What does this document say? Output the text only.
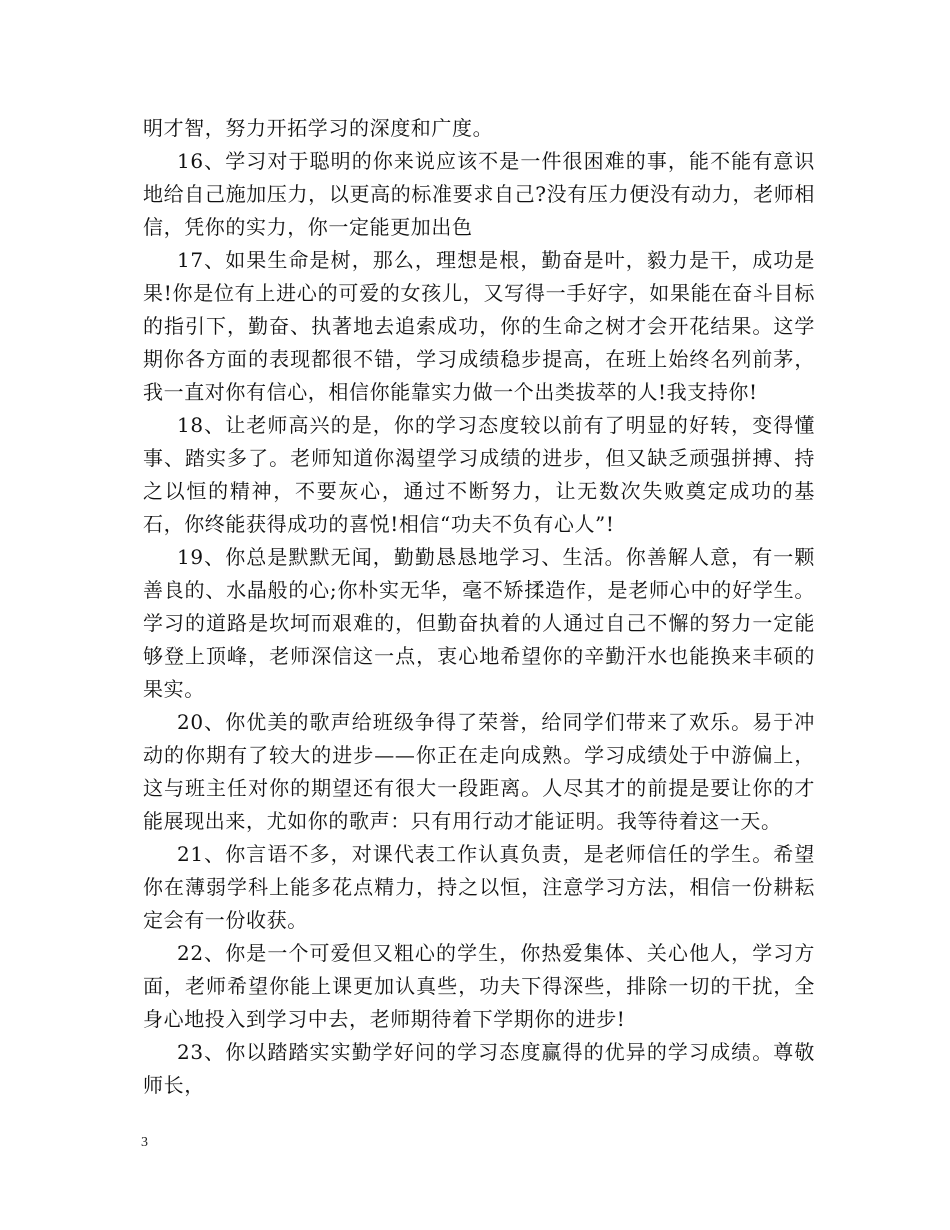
明才智，努力开拓学习的深度和广度。

16、学习对于聪明的你来说应该不是一件很困难的事，能不能有意识地给自己施加压力，以更高的标准要求自己?没有压力便没有动力，老师相信，凭你的实力，你一定能更加出色

17、如果生命是树，那么，理想是根，勤奋是叶，毅力是干，成功是果!你是位有上进心的可爱的女孩儿，又写得一手好字，如果能在奋斗目标的指引下，勤奋、执著地去追索成功，你的生命之树才会开花结果。这学期你各方面的表现都很不错，学习成绩稳步提高，在班上始终名列前茅，我一直对你有信心，相信你能靠实力做一个出类拔萃的人!我支持你!

18、让老师高兴的是，你的学习态度较以前有了明显的好转，变得懂事、踏实多了。老师知道你渴望学习成绩的进步，但又缺乏顽强拼搏、持之以恒的精神，不要灰心，通过不断努力，让无数次失败奠定成功的基石，你终能获得成功的喜悦!相信“功夫不负有心人”!

19、你总是默默无闻，勤勤恳恳地学习、生活。你善解人意，有一颗善良的、水晶般的心;你朴实无华，毫不矫揉造作，是老师心中的好学生。学习的道路是坎坷而艰难的，但勤奋执着的人通过自己不懈的努力一定能够登上顶峰，老师深信这一点，衷心地希望你的辛勤汗水也能换来丰硕的果实。

20、你优美的歌声给班级争得了荣誉，给同学们带来了欢乐。易于冲动的你期有了较大的进步——你正在走向成熟。学习成绩处于中游偏上，这与班主任对你的期望还有很大一段距离。人尽其才的前提是要让你的才能展现出来，尤如你的歌声：只有用行动才能证明。我等待着这一天。

21、你言语不多，对课代表工作认真负责，是老师信任的学生。希望你在薄弱学科上能多花点精力，持之以恒，注意学习方法，相信一份耕耘定会有一份收获。

22、你是一个可爱但又粗心的学生，你热爱集体、关心他人，学习方面，老师希望你能上课更加认真些，功夫下得深些，排除一切的干扰，全身心地投入到学习中去，老师期待着下学期你的进步!

23、你以踏踏实实勤学好问的学习态度赢得的优异的学习成绩。尊敬师长，

3
